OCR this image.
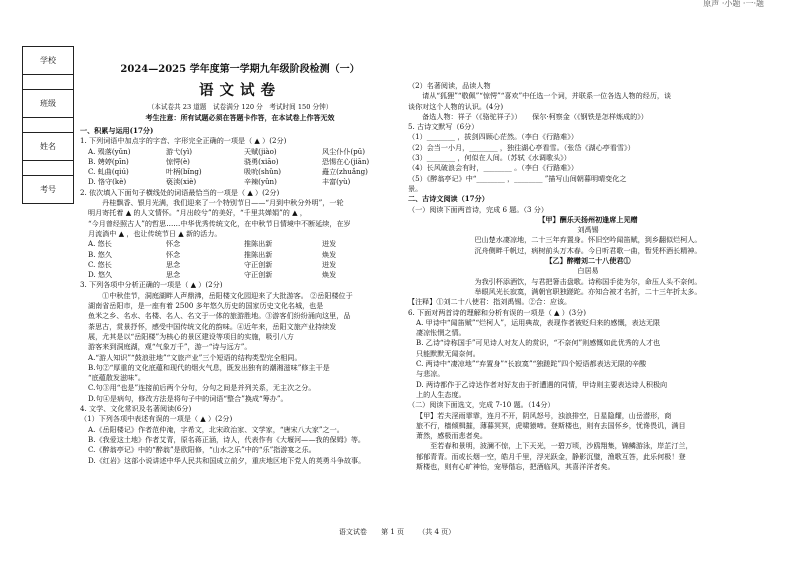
原声 ·小题 ·一·题
学校
班级
姓名
考号
2024—2025 学年度第一学期九年级阶段检测（一）
语文试卷
（本试卷共 23 道题　试卷满分 120 分　考试时间 150 分钟）
考生注意：所有试题必须在答题卡作答，在本试卷上作答无效
一、积累与运用(17分)
1. 下列词语中加点字的字音、字形完全正确的一项是（ ▲ ）(2分)
A. 殒落(yǔn)	游弋(yì)	天赋(jiào)	风尘仆仆(pū)
B. 娉婷(pīn)	惊愕(è)	骁勇(xiāo)	恐惕在心(jiān)
C. 虬曲(qiú)	叶柄(bǐng)	吸吮(shǔn)	矗立(zhuǎng)
D. 恪守(kè)	亵渎(xiè)	辛辣(yǔn)	丰富(yù)
2. 依次填入下面句子横线处的词语最恰当的一项是（ ▲ ）(2分)
　　丹桂飘香、银月光满，我们迎来了一个特别节日——“月到中秋分外明”，一轮
明月寄托着 ▲ 的人文情怀。“月出皎兮”的美好，“千里共婵娟”的 ▲ ，
“今月曾经照古人”的哲思……中华优秀传统文化，在中秋节日情境中不断延续，在岁
月流淌中 ▲ ，也让传统节日 ▲ 新的活力。
A. 悠长	怀念	推陈出新	迸发
B. 悠久	怀念	推陈出新	焕发
C. 悠长	思念	守正创新	迸发
D. 悠久	思念	守正创新	焕发
3. 下列各项中分析正确的一项是（ ▲ ）(2分)
　　①中秋佳节，洞庭湖畔人声鼎沸，岳阳楼文化园迎来了大批游客。 ②岳阳楼位于
湖南省岳阳市，是一座有着 2500 多年悠久历史的国家历史文化名城，也是
鱼米之乡、名水、名楼、名人、名文于一体的旅游胜地。③游客们纷纷涌向这里，品
茶思古，赏景抒怀，感受中国传统文化的韵味。④近年来，岳阳文旅产业持续发
展，尤其是以“岳阳楼”为核心的景区建设等项目的实施，吸引八方
游客来到洞庭湖，观“气象万千”，游一“诗与远方”。
A.“游人知识”“鼓浪驻地”“文旅产业”三个短语的结构类型完全相同。
B.句②“厚重的文化底蕴和现代的烟火气息，既发出独有的潮湘滋味”修主干是
“底蕴散发滋味”。
C.句③用“也是”连接前后两个分句，分句之间是并列关系，无主次之分。
D.句④是病句，修改方法是将句子中的词语“整合”换成“筹办”。
4. 文学、文化常识及名著阅读(6分)
（1）下列各项中表述有误的一项是（ ▲ ）(2分)
A.《岳阳楼记》作者范仲淹，字希文，北宋政治家、文学家，“唐宋八大家”之一。
B.《我爱这土地》作者艾青，原名蒋正涵，诗人，代表作有《大堰河——我的保姆》等。
C.《醉翁亭记》中的“醉翁”是欧阳修，“山水之乐”中的“乐”指游宴之乐。
D.《红岩》这部小说讲述中华人民共和国成立前夕，重庆地区地下党人的英勇斗争故事。
（2）名著阅读，品读人物
　　请从“狐狸”“敬佩”“惊愕”“喜欢”中任选一个词，并联系一位各选人物的经历，谈
谈你对这个人物的认识。(4分)
　　备选人物：祥子（《骆驼祥子》）　　保尔·柯察金（《钢铁是怎样炼成的》）
5. 古诗文默写（6分）
（1）________ ，拔剑四顾心茫然。（李白《行路难》）
（2）会当一小月，________ ，独往湖心亭看雪。（张岱《湖心亭看雪》）
（3）________ ，何似在人间。（苏轼《水调歌头》）
（4）长风破浪会有时，________ 。（李白《行路难》）
（5）《醉翁亭记》中“________ ，________ ”描写山间朝暮明晴变化之
景。
二、古诗文阅读（17分）
（一）阅读下面两首诗，完成 6 题。（3 分）
【甲】酬乐天扬州初逢席上见赠
刘禹锡
巴山楚水凄凉地，二十三年弃置身。怀旧空吟闻笛赋，到乡翻似烂柯人。
沉舟侧畔千帆过，病树前头万木春。今日听君歌一曲，暂凭杯酒长精神。
【乙】醉赠刘二十八使君①
白居易
为我引杯添酒饮，与君把箸击盘歌。诗称国手徒为尔，命压人头不奈何。
举眼风光长寂寞，满朝官职独蹉跎。亦知合被才名折，二十三年折太多。
【注释】①刘二十八使君：指刘禹锡。②合：应该。
6. 下面对两首诗的理解和分析有误的一项是（ ▲ ）(3分)
A. 甲诗中“闻笛赋”“烂柯人”，运用典故，表现作者被贬归来的感慨，表达无限
凄凉怅惘之情。
B. 乙诗“诗称国手”可见诗人对友人的赏识，“不奈何”则感慨如此优秀的人才也
只能默默无闻奈何。
C. 两诗中“凄凉地”“弃置身”“长寂寞”“独蹉跎”四个短语都表达无限的辛酸
与悲凉。
D. 两诗都作于乙诗达作者对好友由于折遭遇的同情，甲诗则主要表达诗人积极向
上的人生态度。
（二）阅读下面选文，完成 7-10 题。（14分）
【甲】若夫淫雨霏霏，连月不开，阴风怒号，浊浪排空，日星隐耀，山岳潜形，商
旅不行，樯倾楫摧，薄暮冥冥，虎啸猿啼。登斯楼也，则有去国怀乡，忧谗畏讥，满目
萧然，感极而悲者矣。
　　至若春和景明，波澜不惊，上下天光，一碧万顷，沙鸥翔集，锦鳞游泳，岸芷汀兰，
郁郁青青。而或长烟一空，皓月千里，浮光跃金，静影沉璧，渔歌互答，此乐何极！登
斯楼也，则有心旷神怡，宠辱偕忘，把酒临风，其喜洋洋者矣。
语文试卷 第 1 页 （共 4 页）
